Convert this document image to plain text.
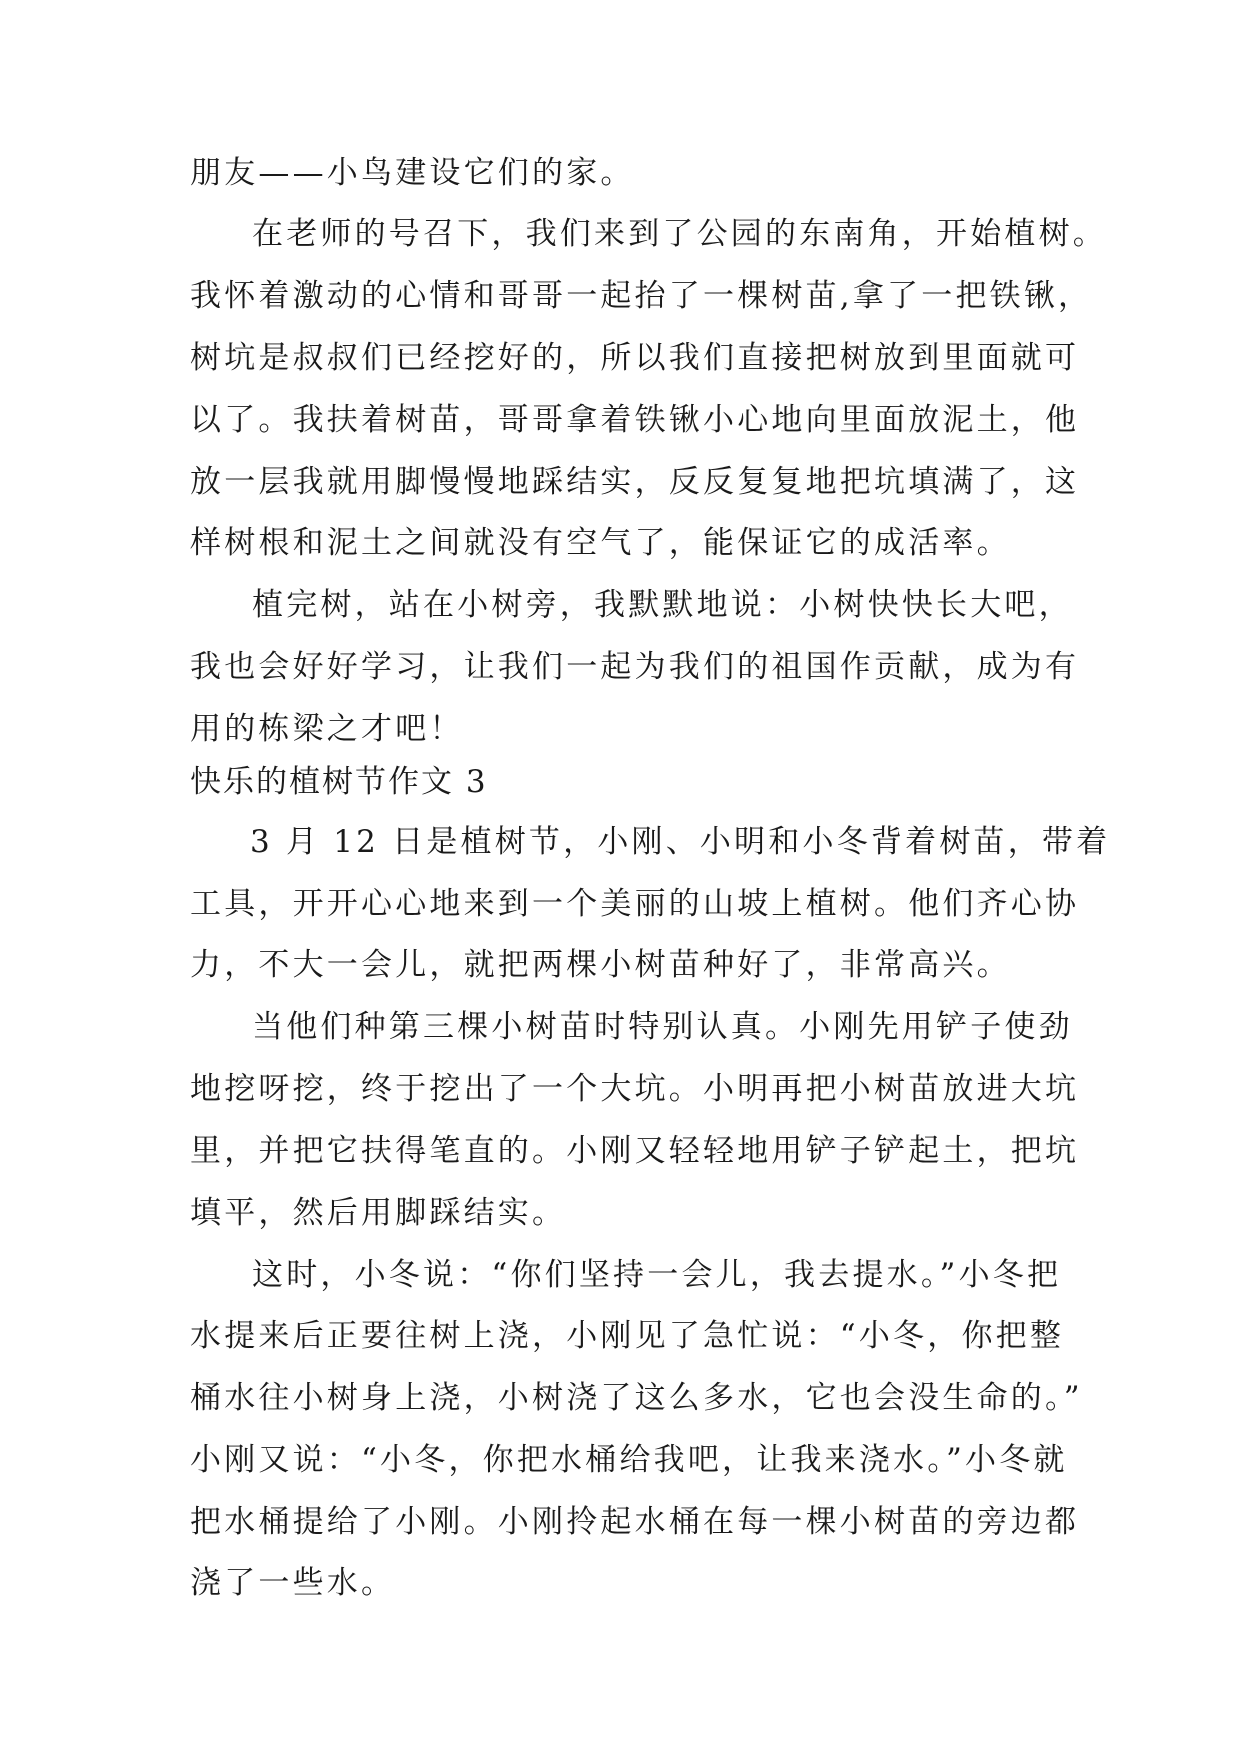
朋友——小鸟建设它们的家。
在老师的号召下，我们来到了公园的东南角，开始植树。
我怀着激动的心情和哥哥一起抬了一棵树苗,拿了一把铁锹，
树坑是叔叔们已经挖好的，所以我们直接把树放到里面就可
以了。我扶着树苗，哥哥拿着铁锹小心地向里面放泥土，他
放一层我就用脚慢慢地踩结实，反反复复地把坑填满了，这
样树根和泥土之间就没有空气了，能保证它的成活率。
植完树，站在小树旁，我默默地说：小树快快长大吧，
我也会好好学习，让我们一起为我们的祖国作贡献，成为有
用的栋梁之才吧！
快乐的植树节作文 3
3 月 12 日是植树节，小刚、小明和小冬背着树苗，带着
工具，开开心心地来到一个美丽的山坡上植树。他们齐心协
力，不大一会儿，就把两棵小树苗种好了，非常高兴。
当他们种第三棵小树苗时特别认真。小刚先用铲子使劲
地挖呀挖，终于挖出了一个大坑。小明再把小树苗放进大坑
里，并把它扶得笔直的。小刚又轻轻地用铲子铲起土，把坑
填平，然后用脚踩结实。
这时，小冬说：“你们坚持一会儿，我去提水。”小冬把
水提来后正要往树上浇，小刚见了急忙说：“小冬，你把整
桶水往小树身上浇，小树浇了这么多水，它也会没生命的。”
小刚又说：“小冬，你把水桶给我吧，让我来浇水。”小冬就
把水桶提给了小刚。小刚拎起水桶在每一棵小树苗的旁边都
浇了一些水。
